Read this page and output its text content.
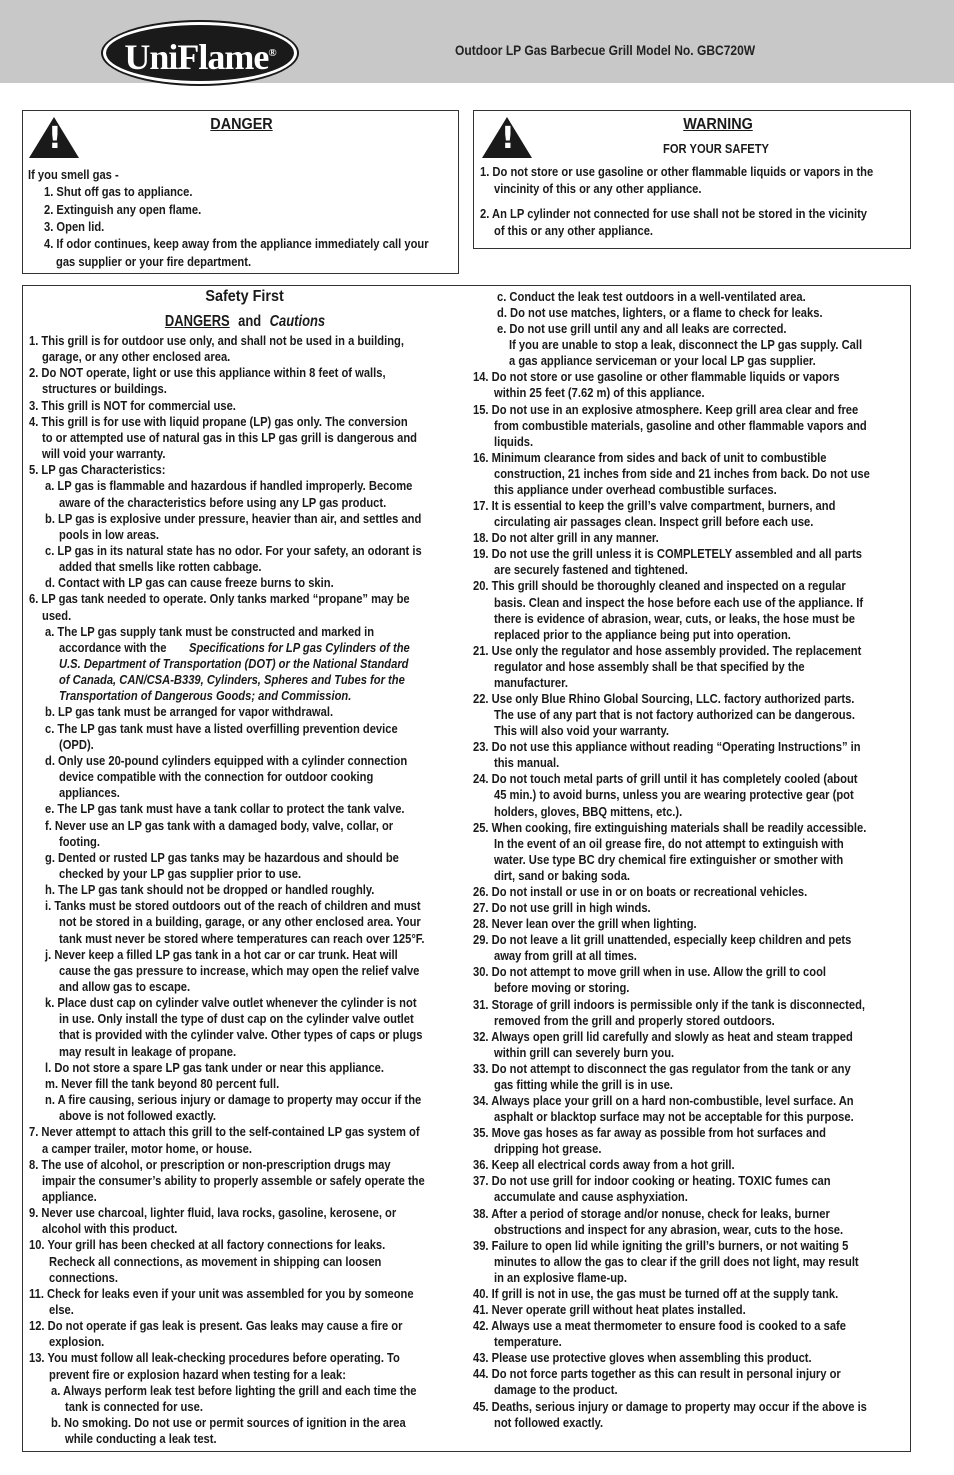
UniFlame®	Outdoor LP Gas Barbecue Grill Model No. GBC720W
!	DANGER
If you smell gas -
1. Shut off gas to appliance.
2. Extinguish any open flame.
3. Open lid.
4. If odor continues, keep away from the appliance immediately call your
gas supplier or your fire department.
!	WARNING
FOR YOUR SAFETY
1. Do not store or use gasoline or other flammable liquids or vapors in the
vincinity of this or any other appliance.
2. An LP cylinder not connected for use shall not be stored in the vicinity
of this or any other appliance.
Safety First
DANGERS and Cautions
1. This grill is for outdoor use only, and shall not be used in a building,
garage, or any other enclosed area.
2. Do NOT operate, light or use this appliance within 8 feet of walls,
structures or buildings.
3. This grill is NOT for commercial use.
4. This grill is for use with liquid propane (LP) gas only. The conversion
to or attempted use of natural gas in this LP gas grill is dangerous and
will void your warranty.
5. LP gas Characteristics:
a. LP gas is flammable and hazardous if handled improperly. Become
aware of the characteristics before using any LP gas product.
b. LP gas is explosive under pressure, heavier than air, and settles and
pools in low areas.
c. LP gas in its natural state has no odor. For your safety, an odorant is
added that smells like rotten cabbage.
d. Contact with LP gas can cause freeze burns to skin.
6. LP gas tank needed to operate. Only tanks marked “propane” may be
used.
a. The LP gas supply tank must be constructed and marked in
accordance with the Specifications for LP gas Cylinders of the
U.S. Department of Transportation (DOT) or the National Standard
of Canada, CAN/CSA-B339, Cylinders, Spheres and Tubes for the
Transportation of Dangerous Goods; and Commission.
b. LP gas tank must be arranged for vapor withdrawal.
c. The LP gas tank must have a listed overfilling prevention device
(OPD).
d. Only use 20-pound cylinders equipped with a cylinder connection
device compatible with the connection for outdoor cooking
appliances.
e. The LP gas tank must have a tank collar to protect the tank valve.
f. Never use an LP gas tank with a damaged body, valve, collar, or
footing.
g. Dented or rusted LP gas tanks may be hazardous and should be
checked by your LP gas supplier prior to use.
h. The LP gas tank should not be dropped or handled roughly.
i. Tanks must be stored outdoors out of the reach of children and must
not be stored in a building, garage, or any other enclosed area. Your
tank must never be stored where temperatures can reach over 125°F.
j. Never keep a filled LP gas tank in a hot car or car trunk. Heat will
cause the gas pressure to increase, which may open the relief valve
and allow gas to escape.
k. Place dust cap on cylinder valve outlet whenever the cylinder is not
in use. Only install the type of dust cap on the cylinder valve outlet
that is provided with the cylinder valve. Other types of caps or plugs
may result in leakage of propane.
l. Do not store a spare LP gas tank under or near this appliance.
m. Never fill the tank beyond 80 percent full.
n. A fire causing, serious injury or damage to property may occur if the
above is not followed exactly.
7. Never attempt to attach this grill to the self-contained LP gas system of
a camper trailer, motor home, or house.
8. The use of alcohol, or prescription or non-prescription drugs may
impair the consumer’s ability to properly assemble or safely operate the
appliance.
9. Never use charcoal, lighter fluid, lava rocks, gasoline, kerosene, or
alcohol with this product.
10. Your grill has been checked at all factory connections for leaks.
Recheck all connections, as movement in shipping can loosen
connections.
11. Check for leaks even if your unit was assembled for you by someone
else.
12. Do not operate if gas leak is present. Gas leaks may cause a fire or
explosion.
13. You must follow all leak-checking procedures before operating. To
prevent fire or explosion hazard when testing for a leak:
a. Always perform leak test before lighting the grill and each time the
tank is connected for use.
b. No smoking. Do not use or permit sources of ignition in the area
while conducting a leak test.
c. Conduct the leak test outdoors in a well-ventilated area.
d. Do not use matches, lighters, or a flame to check for leaks.
e. Do not use grill until any and all leaks are corrected.
If you are unable to stop a leak, disconnect the LP gas supply. Call
a gas appliance serviceman or your local LP gas supplier.
14. Do not store or use gasoline or other flammable liquids or vapors
within 25 feet (7.62 m) of this appliance.
15. Do not use in an explosive atmosphere. Keep grill area clear and free
from combustible materials, gasoline and other flammable vapors and
liquids.
16. Minimum clearance from sides and back of unit to combustible
construction, 21 inches from side and 21 inches from back. Do not use
this appliance under overhead combustible surfaces.
17. It is essential to keep the grill’s valve compartment, burners, and
circulating air passages clean. Inspect grill before each use.
18. Do not alter grill in any manner.
19. Do not use the grill unless it is COMPLETELY assembled and all parts
are securely fastened and tightened.
20. This grill should be thoroughly cleaned and inspected on a regular
basis. Clean and inspect the hose before each use of the appliance. If
there is evidence of abrasion, wear, cuts, or leaks, the hose must be
replaced prior to the appliance being put into operation.
21. Use only the regulator and hose assembly provided. The replacement
regulator and hose assembly shall be that specified by the
manufacturer.
22. Use only Blue Rhino Global Sourcing, LLC. factory authorized parts.
The use of any part that is not factory authorized can be dangerous.
This will also void your warranty.
23. Do not use this appliance without reading “Operating Instructions” in
this manual.
24. Do not touch metal parts of grill until it has completely cooled (about
45 min.) to avoid burns, unless you are wearing protective gear (pot
holders, gloves, BBQ mittens, etc.).
25. When cooking, fire extinguishing materials shall be readily accessible.
In the event of an oil grease fire, do not attempt to extinguish with
water. Use type BC dry chemical fire extinguisher or smother with
dirt, sand or baking soda.
26. Do not install or use in or on boats or recreational vehicles.
27. Do not use grill in high winds.
28. Never lean over the grill when lighting.
29. Do not leave a lit grill unattended, especially keep children and pets
away from grill at all times.
30. Do not attempt to move grill when in use. Allow the grill to cool
before moving or storing.
31. Storage of grill indoors is permissible only if the tank is disconnected,
removed from the grill and properly stored outdoors.
32. Always open grill lid carefully and slowly as heat and steam trapped
within grill can severely burn you.
33. Do not attempt to disconnect the gas regulator from the tank or any
gas fitting while the grill is in use.
34. Always place your grill on a hard non-combustible, level surface. An
asphalt or blacktop surface may not be acceptable for this purpose.
35. Move gas hoses as far away as possible from hot surfaces and
dripping hot grease.
36. Keep all electrical cords away from a hot grill.
37. Do not use grill for indoor cooking or heating. TOXIC fumes can
accumulate and cause asphyxiation.
38. After a period of storage and/or nonuse, check for leaks, burner
obstructions and inspect for any abrasion, wear, cuts to the hose.
39. Failure to open lid while igniting the grill’s burners, or not waiting 5
minutes to allow the gas to clear if the grill does not light, may result
in an explosive flame-up.
40. If grill is not in use, the gas must be turned off at the supply tank.
41. Never operate grill without heat plates installed.
42. Always use a meat thermometer to ensure food is cooked to a safe
temperature.
43. Please use protective gloves when assembling this product.
44. Do not force parts together as this can result in personal injury or
damage to the product.
45. Deaths, serious injury or damage to property may occur if the above is
not followed exactly.
